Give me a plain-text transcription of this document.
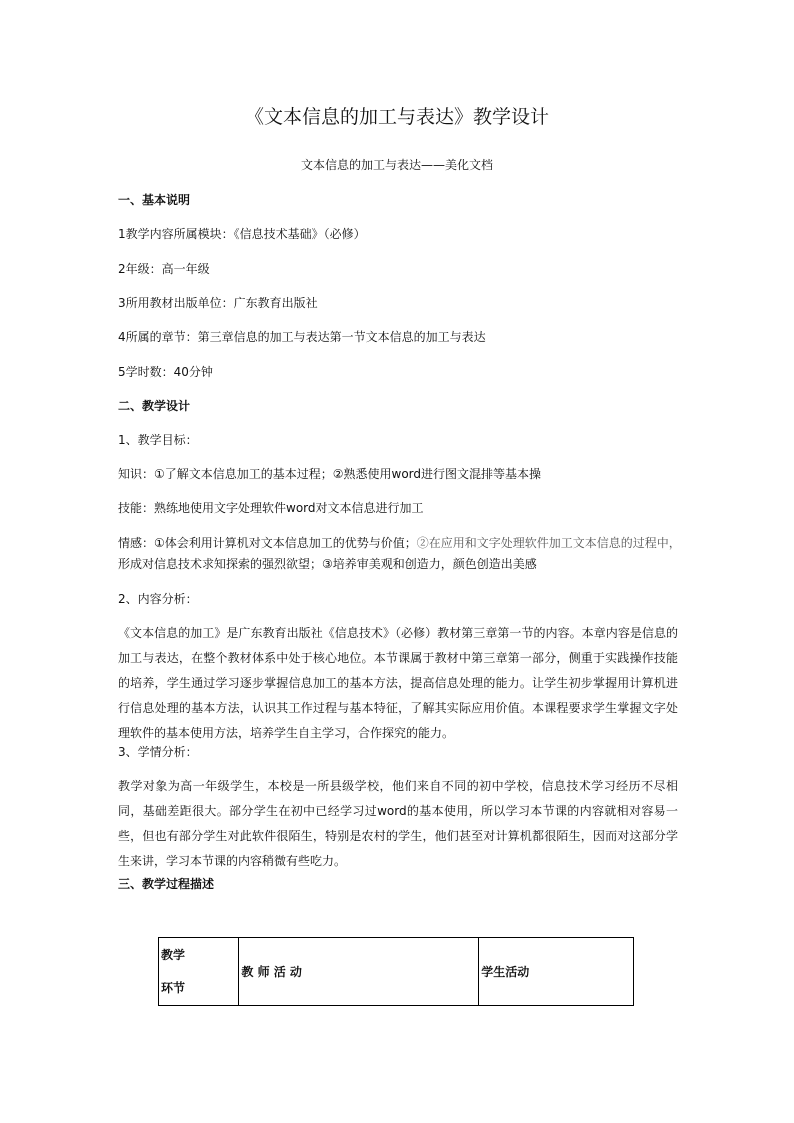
《文本信息的加工与表达》教学设计
文本信息的加工与表达——美化文档
一、基本说明
1教学内容所属模块：《信息技术基础》（必修）
2年级：高一年级
3所用教材出版单位：广东教育出版社
4所属的章节：第三章信息的加工与表达第一节文本信息的加工与表达
5学时数：40分钟
二、教学设计
1、教学目标：
知识：①了解文本信息加工的基本过程；②熟悉使用word进行图文混排等基本操
技能：熟练地使用文字处理软件word对文本信息进行加工
情感：①体会利用计算机对文本信息加工的优势与价值；②在应用和文字处理软件加工文本信息的过程中，
形成对信息技术求知探索的强烈欲望；③培养审美观和创造力，颜色创造出美感
2、内容分析：
《文本信息的加工》是广东教育出版社《信息技术》（必修）教材第三章第一节的内容。本章内容是信息的加工与表达，在整个教材体系中处于核心地位。本节课属于教材中第三章第一部分，侧重于实践操作技能的培养，学生通过学习逐步掌握信息加工的基本方法，提高信息处理的能力。让学生初步掌握用计算机进行信息处理的基本方法，认识其工作过程与基本特征，了解其实际应用价值。本课程要求学生掌握文字处理软件的基本使用方法，培养学生自主学习，合作探究的能力。
3、学情分析：
教学对象为高一年级学生，本校是一所县级学校，他们来自不同的初中学校，信息技术学习经历不尽相同，基础差距很大。部分学生在初中已经学习过word的基本使用，所以学习本节课的内容就相对容易一些，但也有部分学生对此软件很陌生，特别是农村的学生，他们甚至对计算机都很陌生，因而对这部分学生来讲，学习本节课的内容稍微有些吃力。
三、教学过程描述
教学
环节
	教 师 活 动	学生活动
